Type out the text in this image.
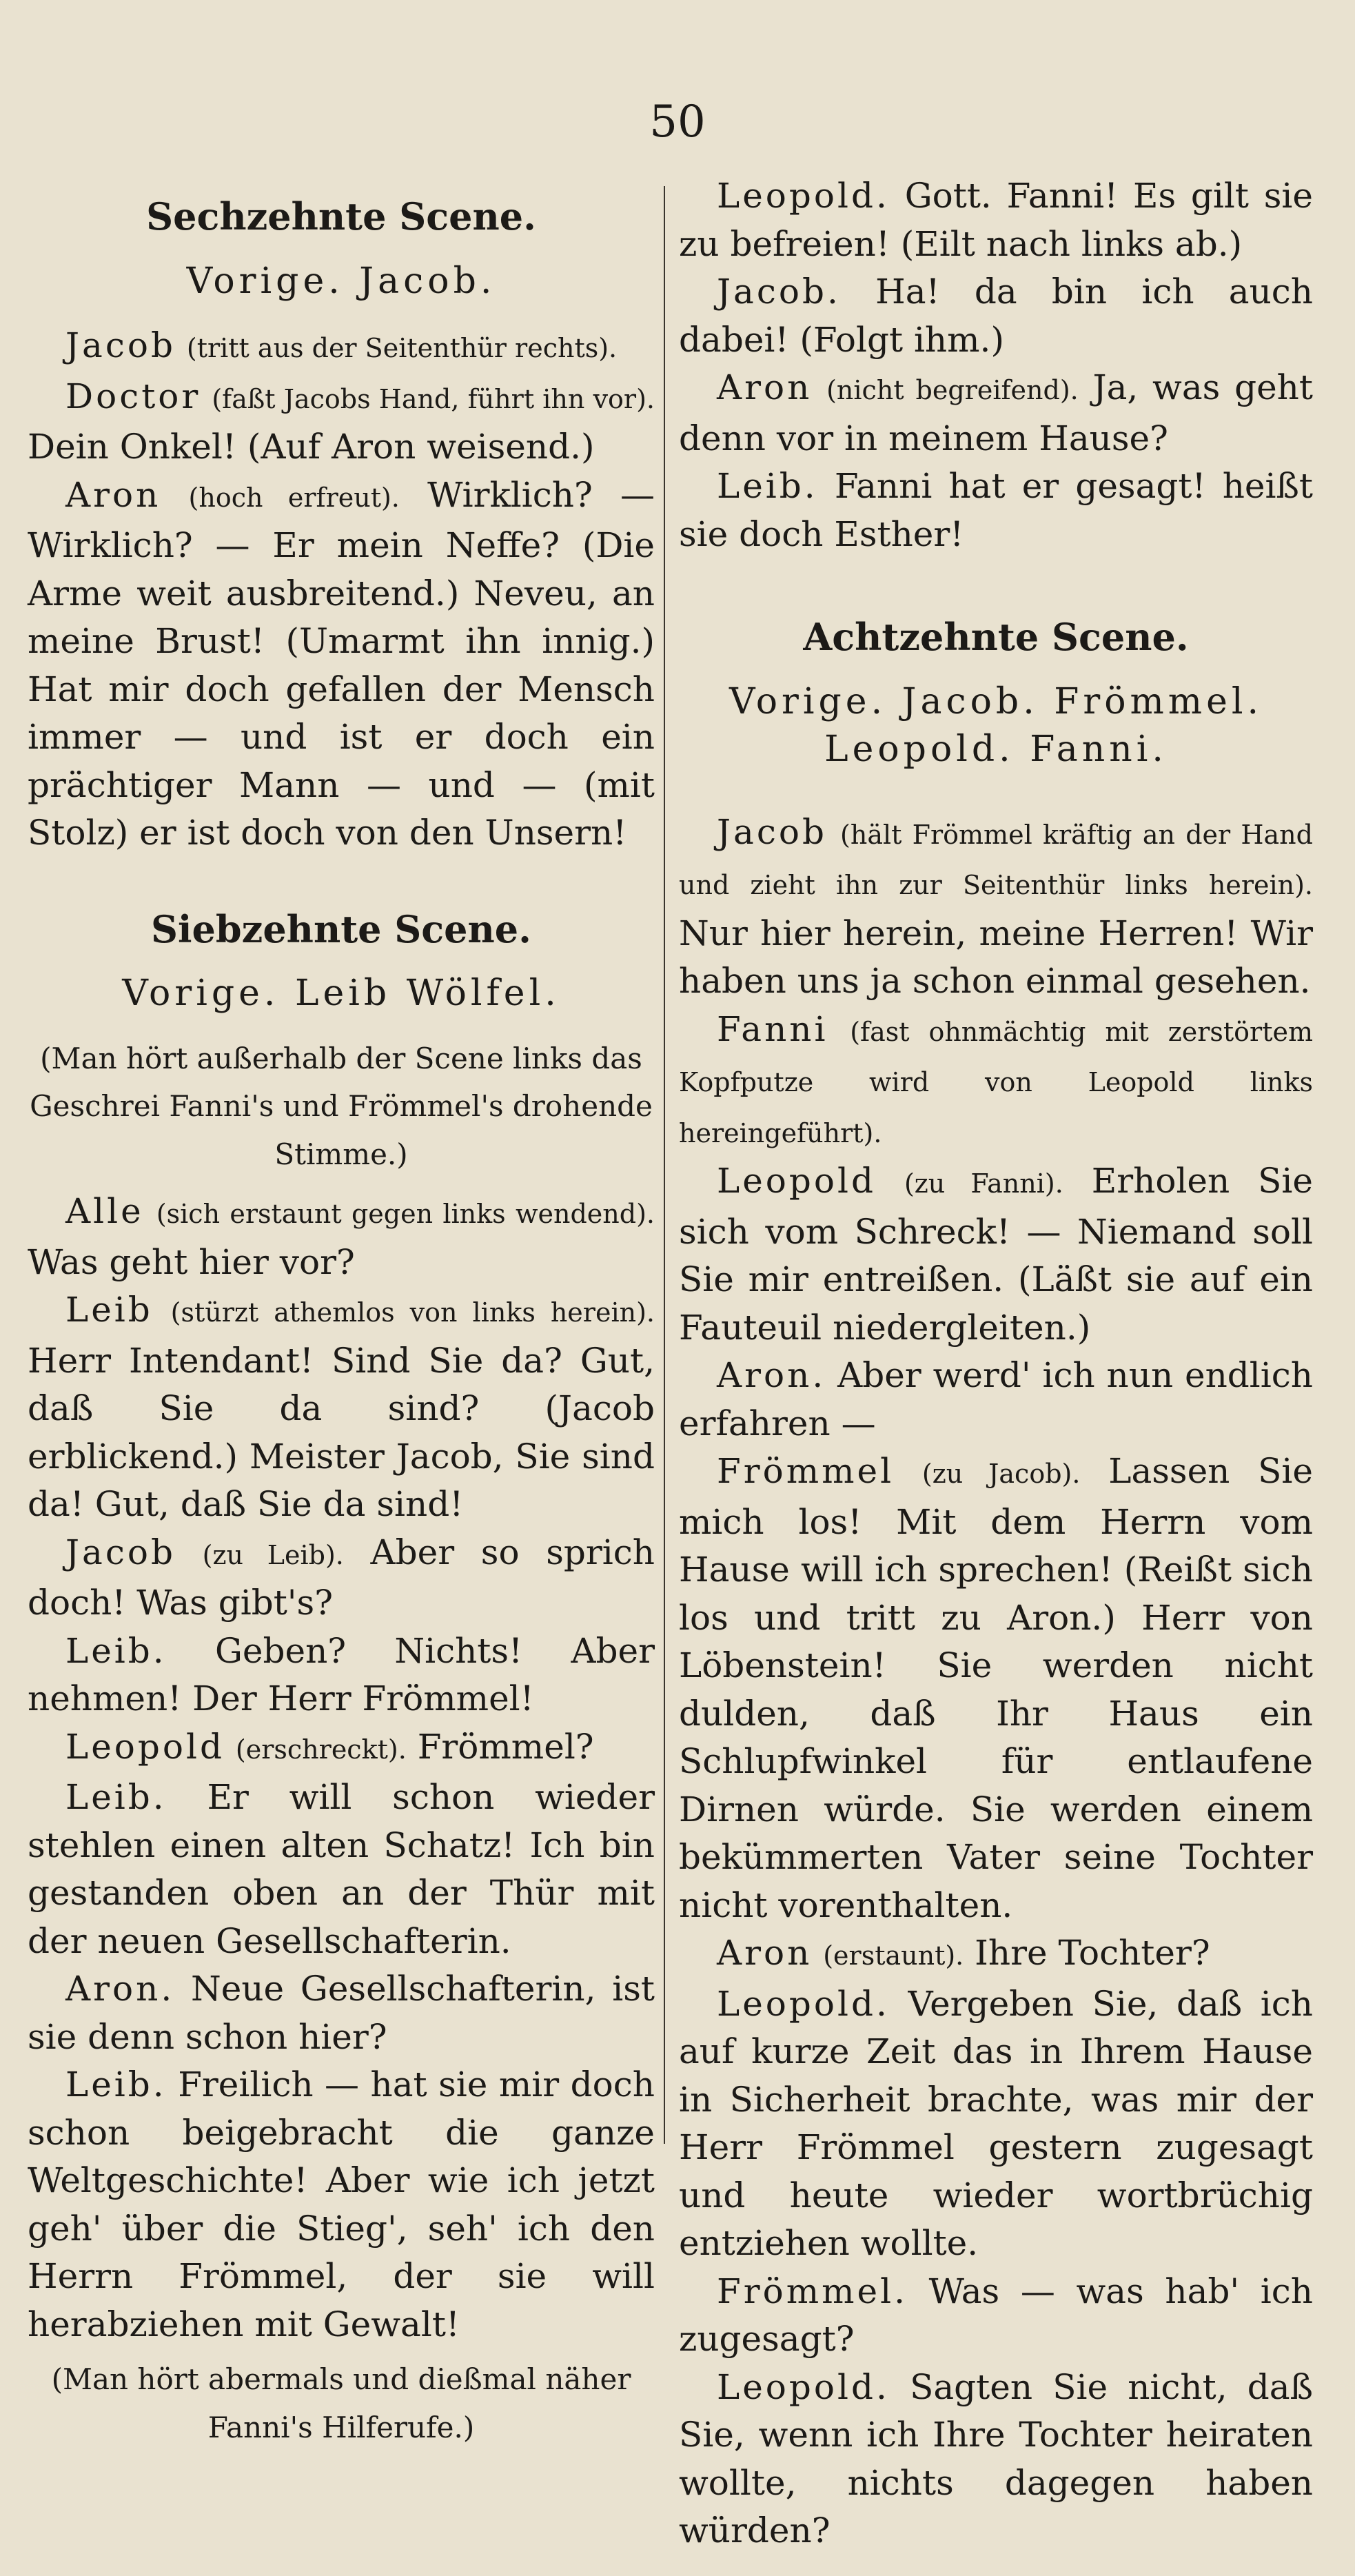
50
Sechzehnte Scene.
Vorige. Jacob.

Jacob (tritt aus der Seitenthür rechts).

Doctor (faßt Jacobs Hand, führt ihn vor). Dein Onkel! (Auf Aron weisend.)

Aron (hoch erfreut). Wirklich? — Wirklich? — Er mein Neffe? (Die Arme weit ausbreitend.) Neveu, an meine Brust! (Umarmt ihn innig.) Hat mir doch gefallen der Mensch immer — und ist er doch ein prächtiger Mann — und — (mit Stolz) er ist doch von den Unsern!

Siebzehnte Scene.
Vorige. Leib Wölfel.

(Man hört außerhalb der Scene links das Geschrei Fanni's und Frömmel's drohende Stimme.)

Alle (sich erstaunt gegen links wendend). Was geht hier vor?

Leib (stürzt athemlos von links herein). Herr Intendant! Sind Sie da? Gut, daß Sie da sind? (Jacob erblickend.) Meister Jacob, Sie sind da! Gut, daß Sie da sind!

Jacob (zu Leib). Aber so sprich doch! Was gibt's?

Leib. Geben? Nichts! Aber nehmen! Der Herr Frömmel!

Leopold (erschreckt). Frömmel?

Leib. Er will schon wieder stehlen einen alten Schatz! Ich bin gestanden oben an der Thür mit der neuen Gesellschafterin.

Aron. Neue Gesellschafterin, ist sie denn schon hier?

Leib. Freilich — hat sie mir doch schon beigebracht die ganze Weltgeschichte! Aber wie ich jetzt geh' über die Stieg', seh' ich den Herrn Frömmel, der sie will herabziehen mit Gewalt!

(Man hört abermals und dießmal näher Fanni's Hilferufe.)

Leopold. Gott. Fanni! Es gilt sie zu befreien! (Eilt nach links ab.)

Jacob. Ha! da bin ich auch dabei! (Folgt ihm.)

Aron (nicht begreifend). Ja, was geht denn vor in meinem Hause?

Leib. Fanni hat er gesagt! heißt sie doch Esther!

Achtzehnte Scene.
Vorige. Jacob. Frömmel. Leopold. Fanni.

Jacob (hält Frömmel kräftig an der Hand und zieht ihn zur Seitenthür links herein). Nur hier herein, meine Herren! Wir haben uns ja schon einmal gesehen.

Fanni (fast ohnmächtig mit zerstörtem Kopfputze wird von Leopold links hereingeführt).

Leopold (zu Fanni). Erholen Sie sich vom Schreck! — Niemand soll Sie mir entreißen. (Läßt sie auf ein Fauteuil niedergleiten.)

Aron. Aber werd' ich nun endlich erfahren —

Frömmel (zu Jacob). Lassen Sie mich los! Mit dem Herrn vom Hause will ich sprechen! (Reißt sich los und tritt zu Aron.) Herr von Löbenstein! Sie werden nicht dulden, daß Ihr Haus ein Schlupfwinkel für entlaufene Dirnen würde. Sie werden einem bekümmerten Vater seine Tochter nicht vorenthalten.

Aron (erstaunt). Ihre Tochter?

Leopold. Vergeben Sie, daß ich auf kurze Zeit das in Ihrem Hause in Sicherheit brachte, was mir der Herr Frömmel gestern zugesagt und heute wieder wortbrüchig entziehen wollte.

Frömmel. Was — was hab' ich zugesagt?

Leopold. Sagten Sie nicht, daß Sie, wenn ich Ihre Tochter heiraten wollte, nichts dagegen haben würden?
